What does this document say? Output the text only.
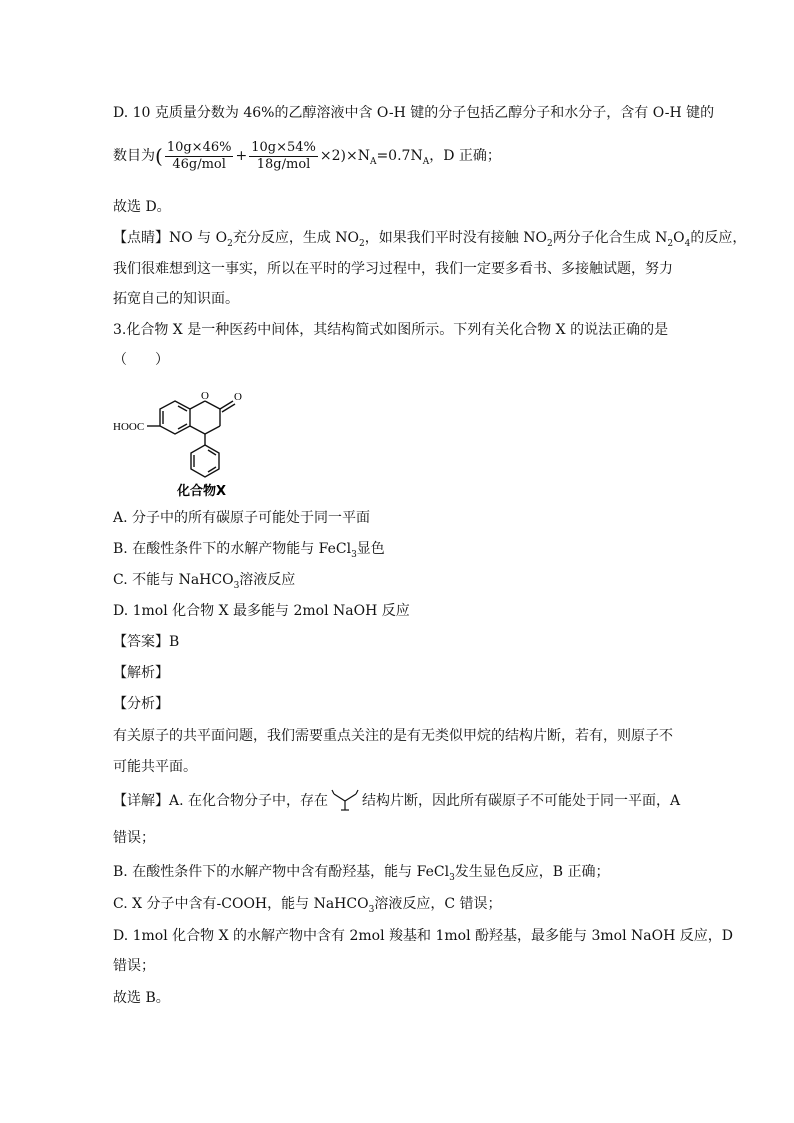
D. 10 克质量分数为 46%的乙醇溶液中含 O-H 键的分子包括乙醇分子和水分子，含有 O-H 键的
数目为( $\frac{10g\times 46\%}{\text{46g/mol}} + \frac{10g\times 54\%}{\text{18g/mol}} \times 2)\times N_A=0.7N_A$，D 正确；
故选 D。
【点睛】NO 与 $O_2$充分反应，生成 $NO_2$，如果我们平时没有接触 $NO_2$两分子化合生成 $N_2O_4$的反应，
我们很难想到这一事实，所以在平时的学习过程中，我们一定要多看书、多接触试题，努力
拓宽自己的知识面。
3.化合物 X 是一种医药中间体，其结构简式如图所示。下列有关化合物 X 的说法正确的是
（　　）
O O
HOOC
化合物X
A. 分子中的所有碳原子可能处于同一平面
B. 在酸性条件下的水解产物能与 FeCl$_3$显色
C. 不能与 NaHCO$_3$溶液反应
D. 1mol 化合物 X 最多能与 2mol NaOH 反应
【答案】B
【解析】
【分析】
有关原子的共平面问题，我们需要重点关注的是有无类似甲烷的结构片断，若有，则原子不
可能共平面。
【详解】A. 在化合物分子中，存在 结构片断，因此所有碳原子不可能处于同一平面，A
错误；
B. 在酸性条件下的水解产物中含有酚羟基，能与 FeCl$_3$发生显色反应，B 正确；
C. X 分子中含有-COOH，能与 NaHCO$_3$溶液反应，C 错误；
D. 1mol 化合物 X 的水解产物中含有 2mol 羧基和 1mol 酚羟基，最多能与 3mol NaOH 反应，D
错误；
故选 B。
